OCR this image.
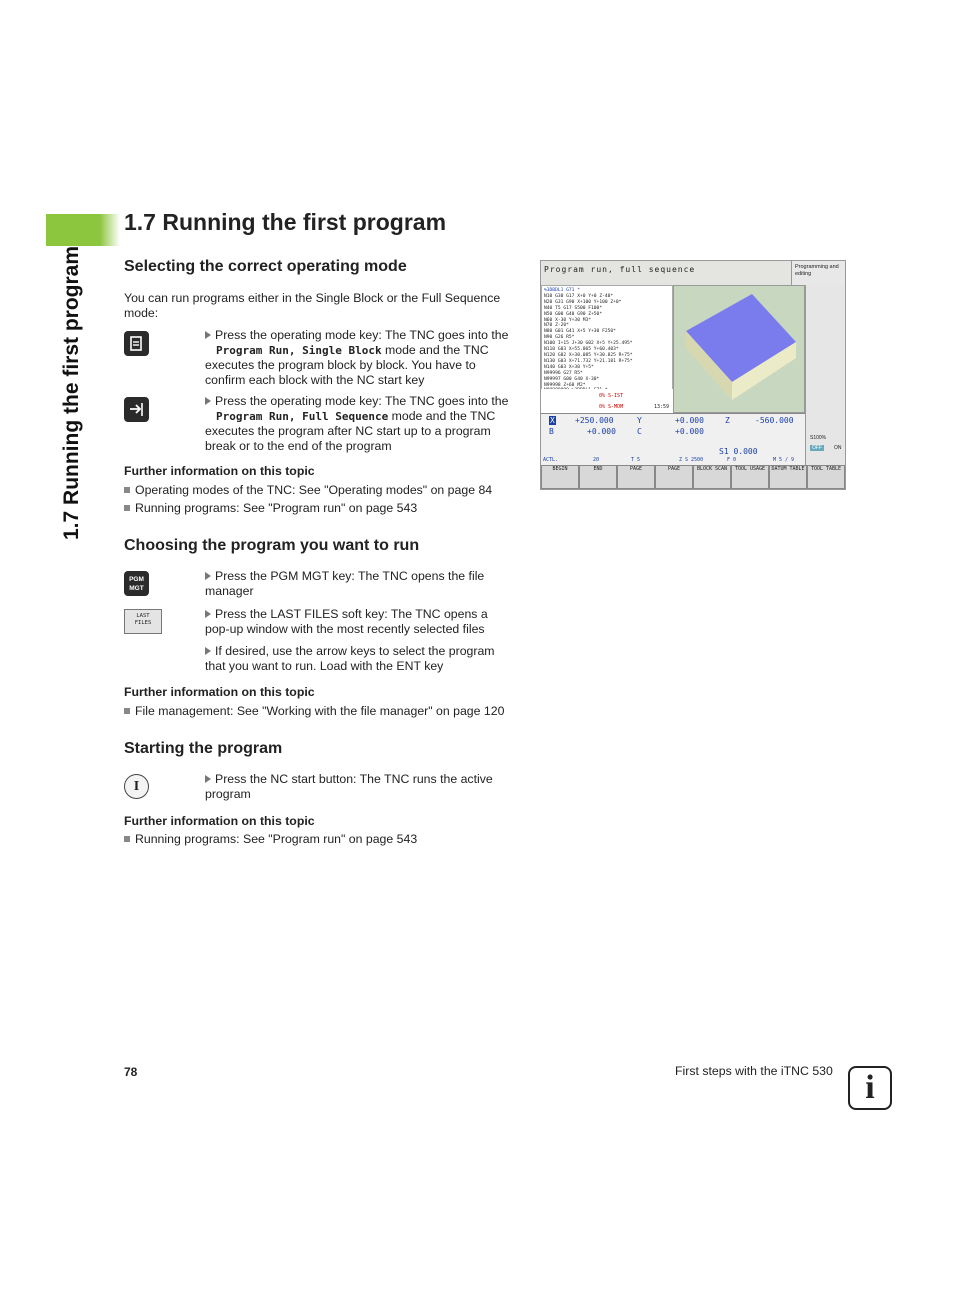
1.7 Running the first program
1.7 Running the first program
Selecting the correct operating mode
You can run programs either in the Single Block or the Full Sequence mode:
Press the operating mode key: The TNC goes into the
Program Run, Single Block mode and the TNC executes the program block by block. You have to confirm each block with the NC start key
Press the operating mode key: The TNC goes into the
Program Run, Full Sequence mode and the TNC executes the program after NC start up to a program break or to the end of the program
Further information on this topic
Operating modes of the TNC: See "Operating modes" on page 84
Running programs: See "Program run" on page 543
Choosing the program you want to run
PGM
MGT
Press the PGM MGT key: The TNC opens the file manager
LAST
FILES
Press the LAST FILES soft key: The TNC opens a pop-up window with the most recently selected files
If desired, use the arrow keys to select the program that you want to run. Load with the ENT key
Further information on this topic
File management: See "Working with the file manager" on page 120
Starting the program
I	Press the NC start button: The TNC runs the active program
Further information on this topic
Running programs: See "Program run" on page 543
Program run, full sequence	Programming and editing
%3DBDL1 G71 *
N10 G30 G17 X+0 Y+0 Z-40*
N20 G31 G90 X+100 Y+100 Z+0*
N40 T5 G17 S500 F100*
N50 G00 G40 G90 Z+50*
N60 X-30 Y+30 M3*
N70 Z-20*
N80 G01 G41 X+5 Y+30 F250*
N90 G26 R5*
N100 I+15 J+30 G02 X+5 Y+25.495*
N110 G03 X+55.065 Y+60.403*
N120 G02 X+30.085 Y+30.825 R+75*
N130 G03 X+71.732 Y+21.181 R+75*
N140 G03 X+30 Y+5*
N99996 G27 R5*
N99997 G00 G40 X-30*
N99998 Z+60 M2*
0% S-IST
0% S-MOM	13:59
S100%
OFF	ON
X	+250.000	Y	+0.000	Z	-560.000
B	+0.000	C	+0.000
S1 0.000
ACTL.	20	T 5	Z S 2500	F 0	M 5 / 9
BEGIN	END	PAGE	PAGE	BLOCK SCAN	TOOL USAGE	DATUM TABLE	TOOL TABLE
78	First steps with the iTNC 530 i
